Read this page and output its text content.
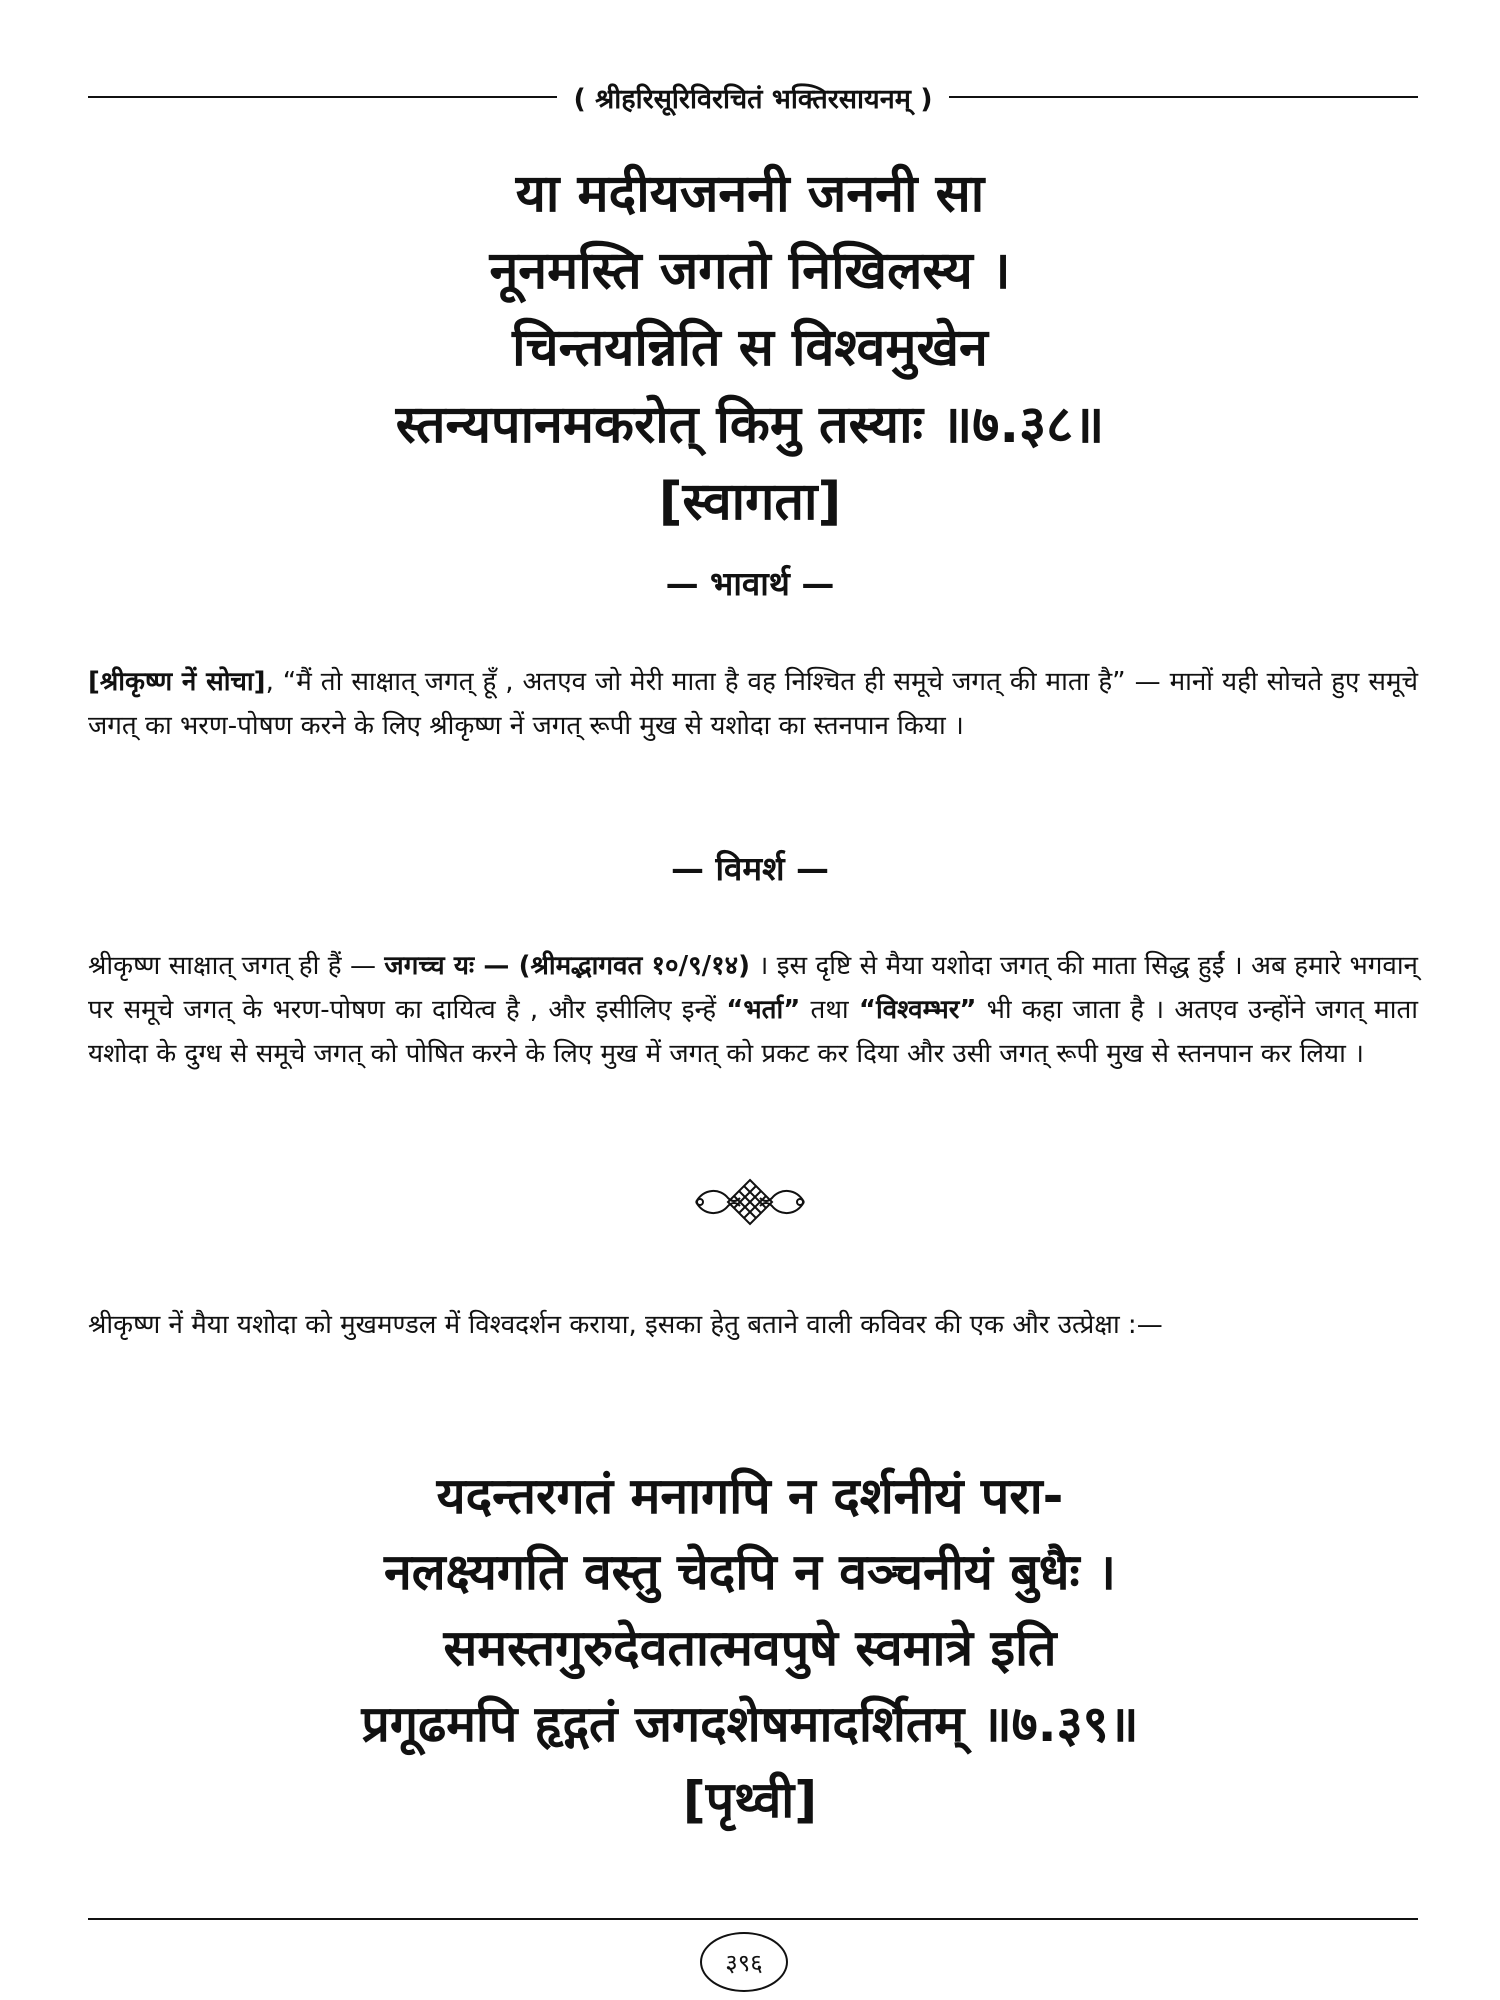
( श्रीहरिसूरिविरचितं भक्तिरसायनम् )
या मदीयजननी जननी सा
नूनमस्ति जगतो निखिलस्य ।
चिन्तयन्निति स विश्वमुखेन
स्तन्यपानमकरोत् किमु तस्याः ॥७.३८॥
[स्वागता]
— भावार्थ —
[श्रीकृष्ण नें सोचा], “मैं तो साक्षात् जगत् हूँ , अतएव जो मेरी माता है वह निश्चित ही समूचे जगत् की माता है” — मानों यही सोचते हुए समूचे जगत् का भरण-पोषण करने के लिए श्रीकृष्ण नें जगत् रूपी मुख से यशोदा का स्तनपान किया ।
— विमर्श —
श्रीकृष्ण साक्षात् जगत् ही हैं — जगच्च यः — (श्रीमद्भागवत १०/९/१४) । इस दृष्टि से मैया यशोदा जगत् की माता सिद्ध हुईं । अब हमारे भगवान् पर समूचे जगत् के भरण-पोषण का दायित्व है , और इसीलिए इन्हें “भर्ता” तथा “विश्वम्भर” भी कहा जाता है । अतएव उन्होंने जगत् माता यशोदा के दुग्ध से समूचे जगत् को पोषित करने के लिए मुख में जगत् को प्रकट कर दिया और उसी जगत् रूपी मुख से स्तनपान कर लिया ।
श्रीकृष्ण नें मैया यशोदा को मुखमण्डल में विश्वदर्शन कराया, इसका हेतु बताने वाली कविवर की एक और उत्प्रेक्षा :—
यदन्तरगतं मनागपि न दर्शनीयं परा-
नलक्ष्यगति वस्तु चेदपि न वञ्चनीयं बुधैः ।
समस्तगुरुदेवतात्मवपुषे स्वमात्रे इति
प्रगूढमपि हृद्गतं जगदशेषमादर्शितम् ॥७.३९॥
[पृथ्वी]
३९६
